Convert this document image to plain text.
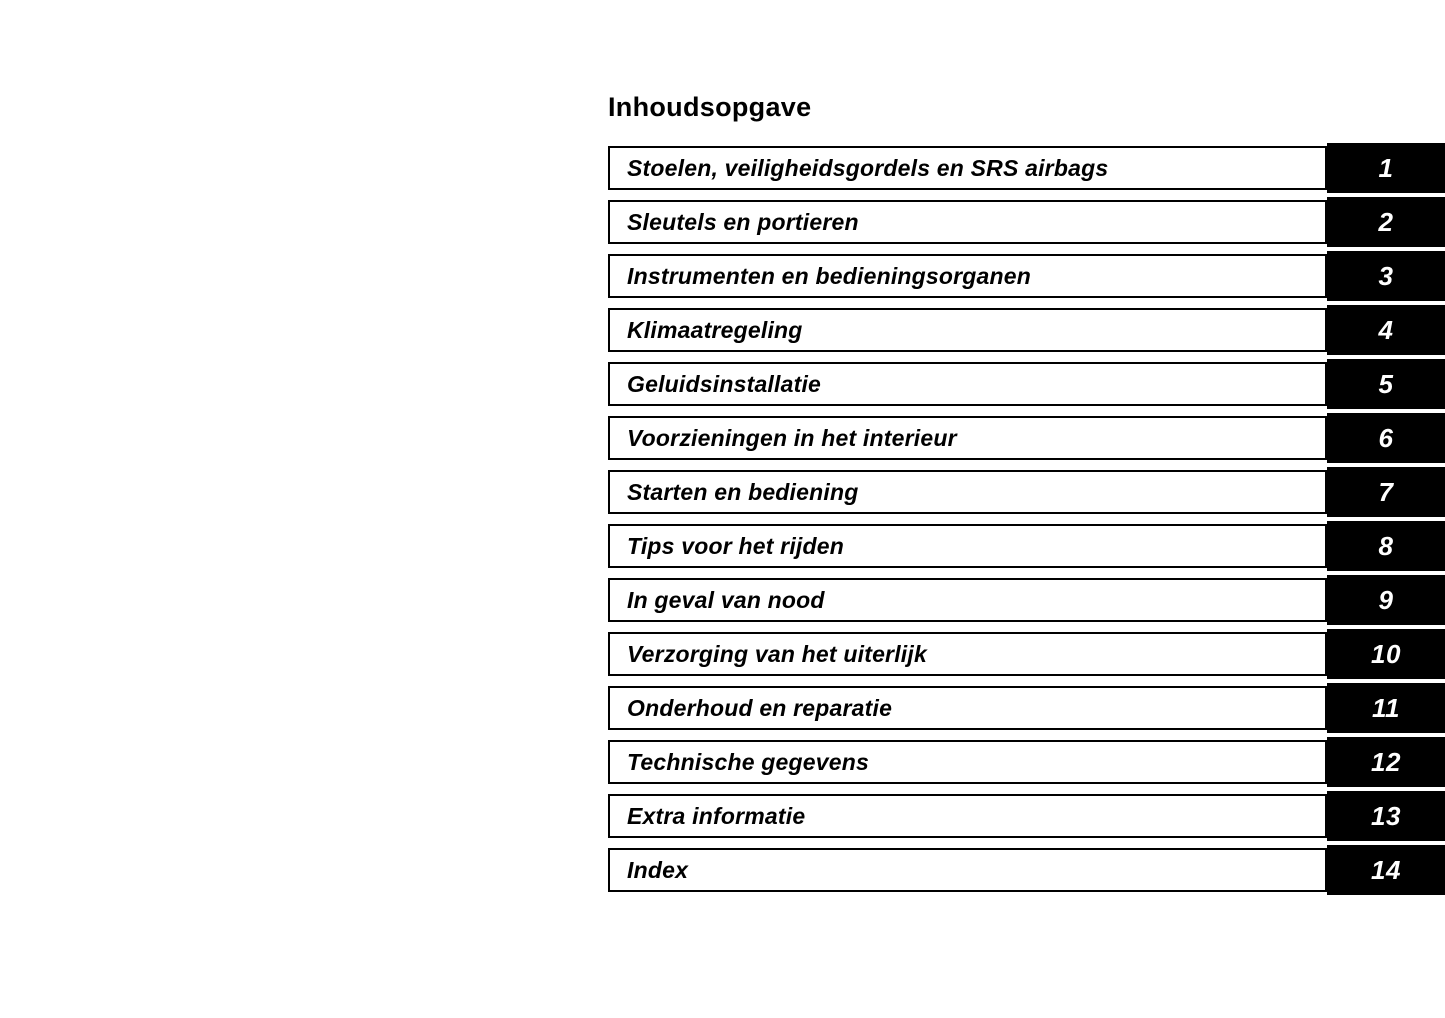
Inhoudsopgave
Stoelen, veiligheidsgordels en SRS airbags	1
Sleutels en portieren	2
Instrumenten en bedieningsorganen	3
Klimaatregeling	4
Geluidsinstallatie	5
Voorzieningen in het interieur	6
Starten en bediening	7
Tips voor het rijden	8
In geval van nood	9
Verzorging van het uiterlijk	10
Onderhoud en reparatie	11
Technische gegevens	12
Extra informatie	13
Index	14
